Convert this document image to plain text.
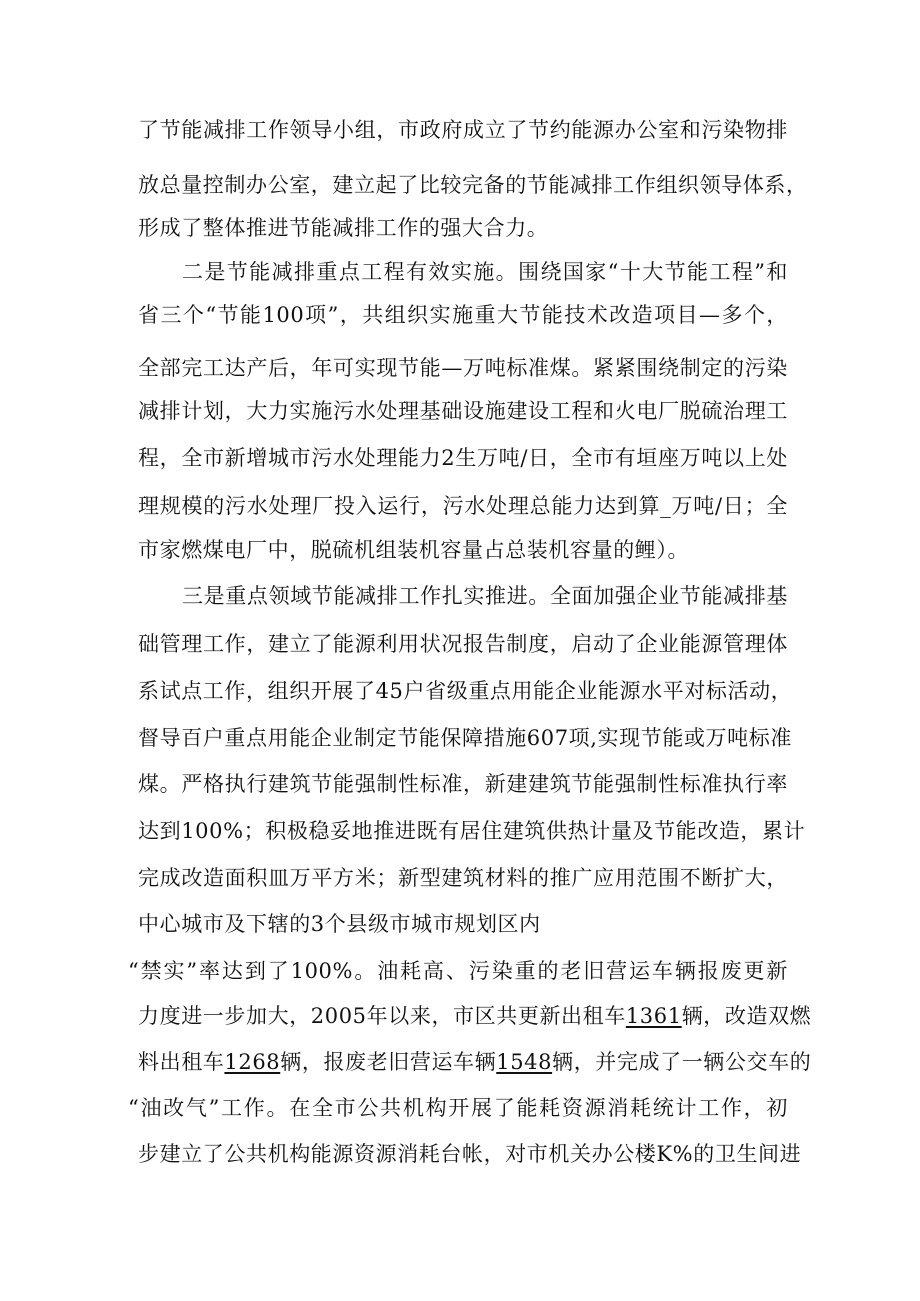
了节能减排工作领导小组，市政府成立了节约能源办公室和污染物排
放总量控制办公室，建立起了比较完备的节能减排工作组织领导体系，
形成了整体推进节能减排工作的强大合力。
二是节能减排重点工程有效实施。围绕国家“十大节能工程”和
省三个“节能100项”，共组织实施重大节能技术改造项目—多个，
全部完工达产后，年可实现节能—万吨标准煤。紧紧围绕制定的污染
减排计划，大力实施污水处理基础设施建设工程和火电厂脱硫治理工
程，全市新增城市污水处理能力2生万吨/日，全市有垣座万吨以上处
理规模的污水处理厂投入运行，污水处理总能力达到算_万吨/日；全
市家燃煤电厂中，脱硫机组装机容量占总装机容量的鲤）。
三是重点领域节能减排工作扎实推进。全面加强企业节能减排基
础管理工作，建立了能源利用状况报告制度，启动了企业能源管理体
系试点工作，组织开展了45户省级重点用能企业能源水平对标活动，
督导百户重点用能企业制定节能保障措施607项,实现节能或万吨标准
煤。严格执行建筑节能强制性标准，新建建筑节能强制性标准执行率
达到100%；积极稳妥地推进既有居住建筑供热计量及节能改造，累计
完成改造面积皿万平方米；新型建筑材料的推广应用范围不断扩大，
中心城市及下辖的3个县级市城市规划区内
“禁实”率达到了100%。油耗高、污染重的老旧营运车辆报废更新
力度进一步加大，2005年以来，市区共更新出租车1361辆，改造双燃
料出租车1268辆，报废老旧营运车辆1548辆，并完成了一辆公交车的
“油改气”工作。在全市公共机构开展了能耗资源消耗统计工作，初
步建立了公共机构能源资源消耗台帐，对市机关办公楼K%的卫生间进
